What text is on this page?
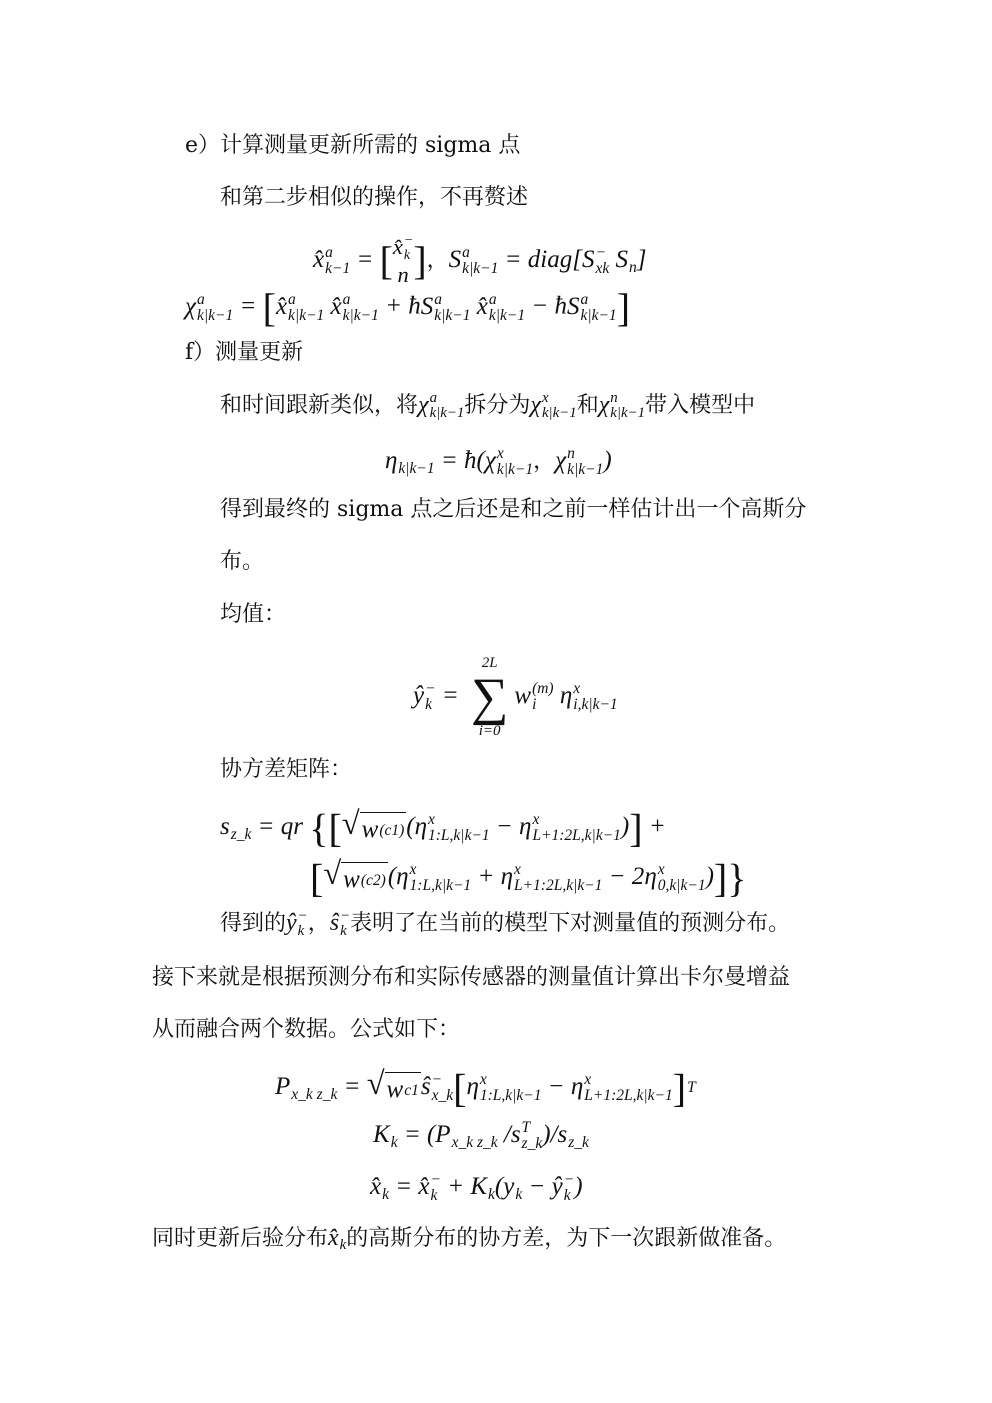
e）计算测量更新所需的 sigma 点
和第二步相似的操作，不再赘述
x̂ a
k−1 = [ x̂ −
k
n ]，S a
k|k−1 = diag[S −
xk S n ]
χ a
k|k−1 = [x̂ a
k|k−1 x̂ a
k|k−1 + ħS a
k|k−1 x̂ a
k|k−1 − ħS a
k|k−1 ]
f）测量更新
和时间跟新类似，将χ a
k|k−1 拆分为χ x
k|k−1 和χ n
k|k−1 带入模型中
η k|k−1 = ħ(χ x
k|k−1 ，χ n
k|k−1 )
得到最终的 sigma 点之后还是和之前一样估计出一个高斯分
布。
均值：
ŷ −
k =
2L
∑
i=0
w (m)
i η x
i,k|k−1
协方差矩阵：
s z_k = qr {[ √ w (c1) (η x
1:L,k|k−1 − η x
L+1:2L,k|k−1 )] +
[ √ w (c2) (η x
1:L,k|k−1 + η x
L+1:2L,k|k−1 − 2η x
0,k|k−1 )]}
得到的ŷ −
k ，ŝ −
k 表明了在当前的模型下对测量值的预测分布。
接下来就是根据预测分布和实际传感器的测量值计算出卡尔曼增益
从而融合两个数据。公式如下：
P x_k z_k = √ w c1 ŝ −
x_k [η x
1:L,k|k−1 − η x
L+1:2L,k|k−1 ] T
K k = (P x_k z_k /s T
z_k )/s z_k
x̂ k = x̂ −
k + K k (y k − ŷ −
k )
同时更新后验分布x̂ k 的高斯分布的协方差，为下一次跟新做准备。
